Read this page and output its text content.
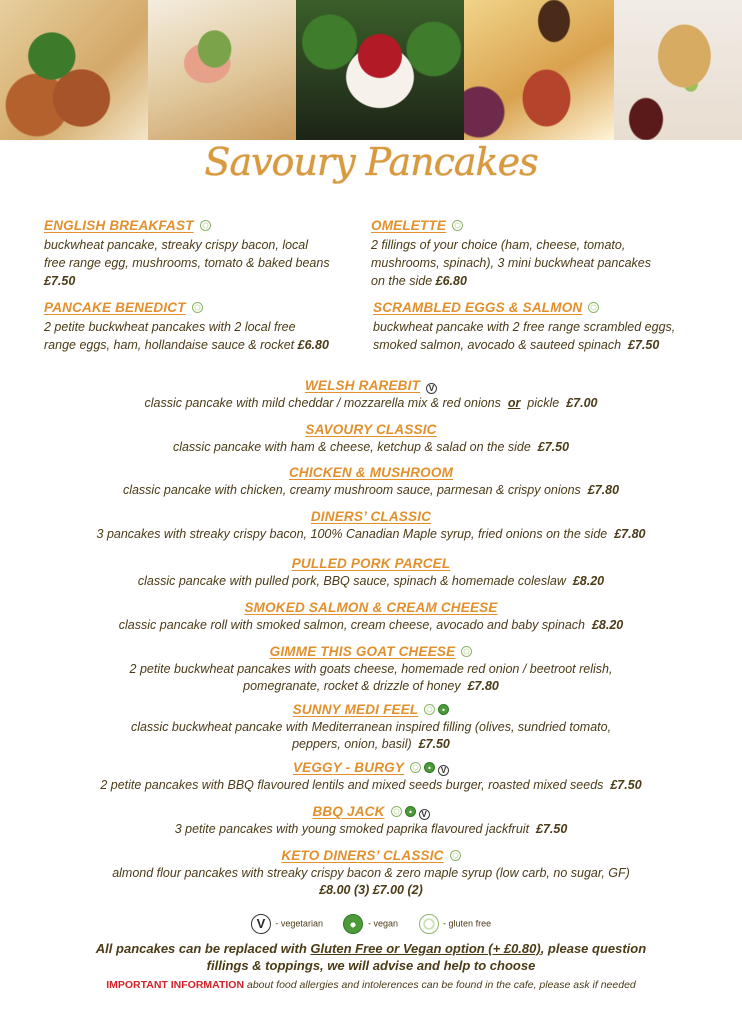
Savoury Pancakes
ENGLISH BREAKFAST
buckwheat pancake, streaky crispy bacon, local
free range egg, mushrooms, tomato & baked beans
£7.50
OMELETTE
2 fillings of your choice (ham, cheese, tomato,
mushrooms, spinach), 3 mini buckwheat pancakes
on the side £6.80
PANCAKE BENEDICT
2 petite buckwheat pancakes with 2 local free
range eggs, ham, hollandaise sauce & rocket £6.80
SCRAMBLED EGGS & SALMON
buckwheat pancake with 2 free range scrambled eggs,
smoked salmon, avocado & sauteed spinach £7.50
WELSH RAREBIT V
classic pancake with mild cheddar / mozzarella mix & red onions or pickle £7.00
SAVOURY CLASSIC
classic pancake with ham & cheese, ketchup & salad on the side £7.50
CHICKEN & MUSHROOM
classic pancake with chicken, creamy mushroom sauce, parmesan & crispy onions £7.80
DINERS’ CLASSIC
3 pancakes with streaky crispy bacon, 100% Canadian Maple syrup, fried onions on the side £7.80
PULLED PORK PARCEL
classic pancake with pulled pork, BBQ sauce, spinach & homemade coleslaw £8.20
SMOKED SALMON & CREAM CHEESE
classic pancake roll with smoked salmon, cream cheese, avocado and baby spinach £8.20
GIMME THIS GOAT CHEESE
2 petite buckwheat pancakes with goats cheese, homemade red onion / beetroot relish,
pomegranate, rocket & drizzle of honey £7.80
SUNNY MEDI FEEL
classic buckwheat pancake with Mediterranean inspired filling (olives, sundried tomato,
peppers, onion, basil) £7.50
VEGGY - BURGY	V
2 petite pancakes with BBQ flavoured lentils and mixed seeds burger, roasted mixed seeds £7.50
BBQ JACK	V
3 petite pancakes with young smoked paprika flavoured jackfruit £7.50
KETO DINERS’ CLASSIC
almond flour pancakes with streaky crispy bacon & zero maple syrup (low carb, no sugar, GF)
£8.00 (3) £7.00 (2)
V - vegetarian	- vegan	- gluten free
All pancakes can be replaced with Gluten Free or Vegan option (+ £0.80), please question
fillings & toppings, we will advise and help to choose
IMPORTANT INFORMATION about food allergies and intolerences can be found in the cafe, please ask if needed
